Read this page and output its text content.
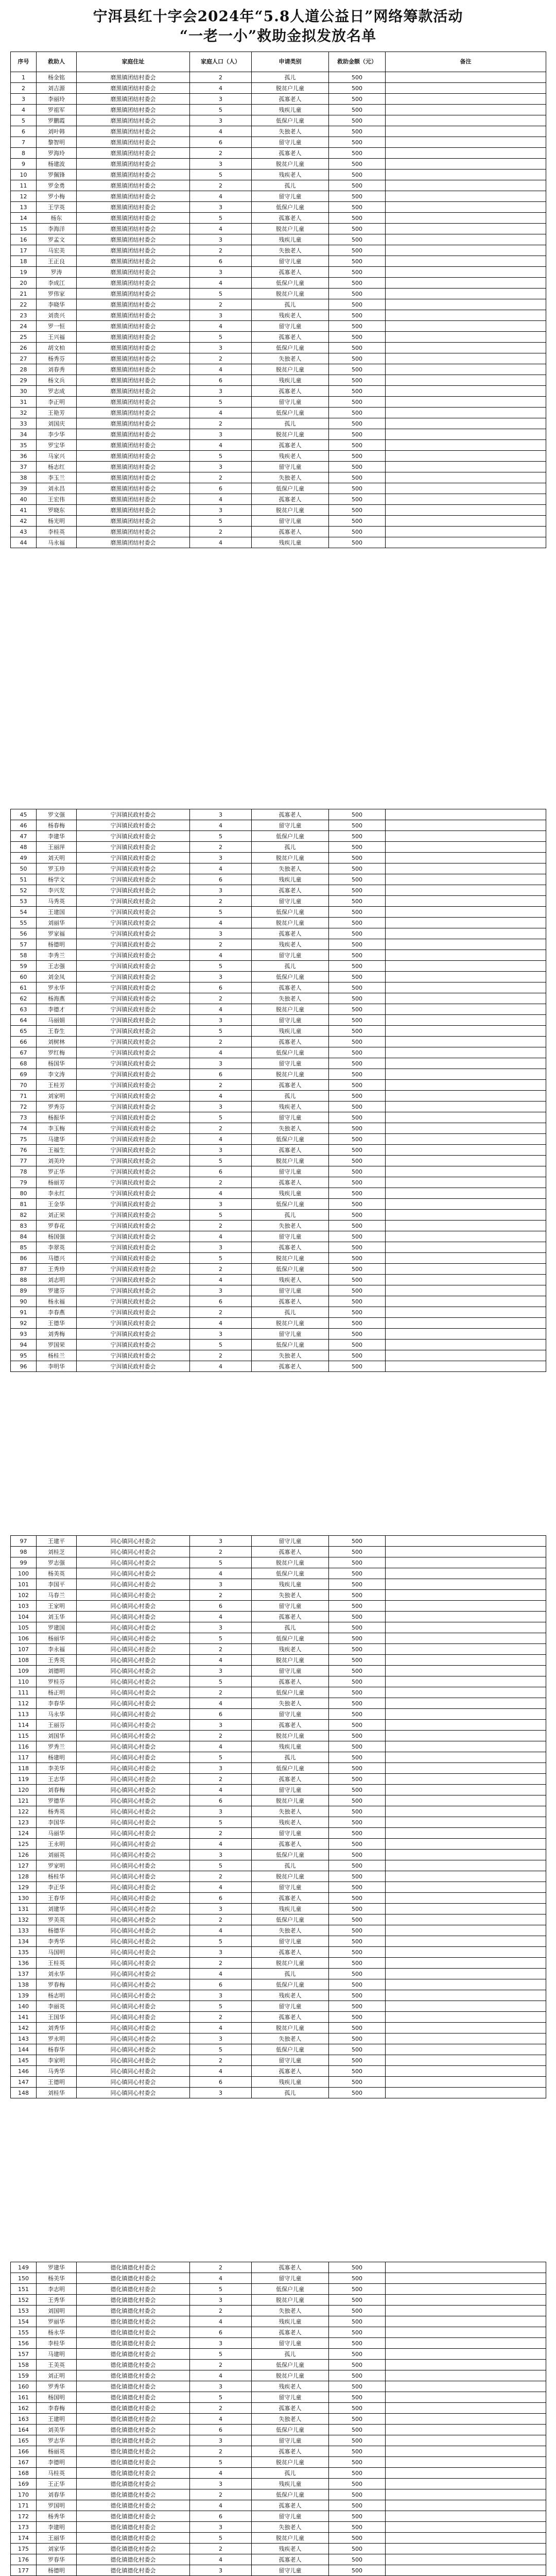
宁洱县红十字会2024年“5.8人道公益日”网络筹款活动
“一老一小”救助金拟发放名单
序号	救助人	家庭住址	家庭人口（人）	申请类别	救助金额（元）	备注
1	杨金铭	磨黑镇团结村委会	2	孤儿	500	
2	刘吉源	磨黑镇团结村委会	4	脱贫户儿童	500	
3	李丽玲	磨黑镇团结村委会	3	孤寡老人	500	
4	罗祖军	磨黑镇团结村委会	5	残疾儿童	500	
5	罗鹏霞	磨黑镇团结村委会	3	低保户儿童	500	
6	刘叶韩	磨黑镇团结村委会	4	失独老人	500	
7	黎智明	磨黑镇团结村委会	6	留守儿童	500	
8	罗海玲	磨黑镇团结村委会	2	孤寡老人	500	
9	杨建波	磨黑镇团结村委会	3	脱贫户儿童	500	
10	罗佩锋	磨黑镇团结村委会	5	残疾老人	500	
11	罗金勇	磨黑镇团结村委会	2	孤儿	500	
12	罗小梅	磨黑镇团结村委会	4	留守儿童	500	
13	王学英	磨黑镇团结村委会	3	低保户儿童	500	
14	杨东	磨黑镇团结村委会	5	孤寡老人	500	
15	李海洋	磨黑镇团结村委会	4	脱贫户儿童	500	
16	罗孟文	磨黑镇团结村委会	3	残疾儿童	500	
17	马宏美	磨黑镇团结村委会	2	失独老人	500	
18	王正良	磨黑镇团结村委会	6	留守儿童	500	
19	罗涛	磨黑镇团结村委会	3	孤寡老人	500	
20	李成江	磨黑镇团结村委会	4	低保户儿童	500	
21	罗伟家	磨黑镇团结村委会	5	脱贫户儿童	500	
22	李晓华	磨黑镇团结村委会	2	孤儿	500	
23	刘贵兴	磨黑镇团结村委会	3	残疾老人	500	
24	罗一恒	磨黑镇团结村委会	4	留守儿童	500	
25	王兴福	磨黑镇团结村委会	5	孤寡老人	500	
26	胡文柏	磨黑镇团结村委会	3	低保户儿童	500	
27	杨秀芬	磨黑镇团结村委会	2	失独老人	500	
28	刘春秀	磨黑镇团结村委会	4	脱贫户儿童	500	
29	杨文兵	磨黑镇团结村委会	6	残疾儿童	500	
30	罗志成	磨黑镇团结村委会	3	孤寡老人	500	
31	李正明	磨黑镇团结村委会	5	留守儿童	500	
32	王艳芳	磨黑镇团结村委会	4	低保户儿童	500	
33	刘国庆	磨黑镇团结村委会	2	孤儿	500	
34	李少华	磨黑镇团结村委会	3	脱贫户儿童	500	
35	罗宝华	磨黑镇团结村委会	4	孤寡老人	500	
36	马家兴	磨黑镇团结村委会	5	残疾老人	500	
37	杨志红	磨黑镇团结村委会	3	留守儿童	500	
38	李玉兰	磨黑镇团结村委会	2	失独老人	500	
39	刘永昌	磨黑镇团结村委会	6	低保户儿童	500	
40	王宏伟	磨黑镇团结村委会	4	孤寡老人	500	
41	罗晓东	磨黑镇团结村委会	3	脱贫户儿童	500	
42	杨光明	磨黑镇团结村委会	5	留守儿童	500	
43	李桂英	磨黑镇团结村委会	2	孤寡老人	500	
44	马永福	磨黑镇团结村委会	4	残疾儿童	500	
45	罗文强	宁洱镇民政村委会	3	孤寡老人	500	
46	杨春梅	宁洱镇民政村委会	4	留守儿童	500	
47	李建华	宁洱镇民政村委会	5	低保户儿童	500	
48	王丽萍	宁洱镇民政村委会	2	孤儿	500	
49	刘天明	宁洱镇民政村委会	3	脱贫户儿童	500	
50	罗玉珍	宁洱镇民政村委会	4	失独老人	500	
51	杨学文	宁洱镇民政村委会	6	残疾儿童	500	
52	李兴发	宁洱镇民政村委会	3	孤寡老人	500	
53	马秀英	宁洱镇民政村委会	2	留守儿童	500	
54	王建国	宁洱镇民政村委会	5	低保户儿童	500	
55	刘丽华	宁洱镇民政村委会	4	脱贫户儿童	500	
56	罗家福	宁洱镇民政村委会	3	孤寡老人	500	
57	杨德明	宁洱镇民政村委会	2	残疾老人	500	
58	李秀兰	宁洱镇民政村委会	4	留守儿童	500	
59	王志强	宁洱镇民政村委会	5	孤儿	500	
60	刘金凤	宁洱镇民政村委会	3	低保户儿童	500	
61	罗永华	宁洱镇民政村委会	6	孤寡老人	500	
62	杨海燕	宁洱镇民政村委会	2	失独老人	500	
63	李德才	宁洱镇民政村委会	4	脱贫户儿童	500	
64	马丽娟	宁洱镇民政村委会	3	留守儿童	500	
65	王春生	宁洱镇民政村委会	5	残疾儿童	500	
66	刘树林	宁洱镇民政村委会	2	孤寡老人	500	
67	罗红梅	宁洱镇民政村委会	4	低保户儿童	500	
68	杨国华	宁洱镇民政村委会	3	留守儿童	500	
69	李文涛	宁洱镇民政村委会	6	脱贫户儿童	500	
70	王桂芳	宁洱镇民政村委会	2	孤寡老人	500	
71	刘家明	宁洱镇民政村委会	4	孤儿	500	
72	罗秀芬	宁洱镇民政村委会	3	残疾老人	500	
73	杨振华	宁洱镇民政村委会	5	留守儿童	500	
74	李玉梅	宁洱镇民政村委会	2	失独老人	500	
75	马建华	宁洱镇民政村委会	4	低保户儿童	500	
76	王福生	宁洱镇民政村委会	3	孤寡老人	500	
77	刘美玲	宁洱镇民政村委会	5	脱贫户儿童	500	
78	罗正华	宁洱镇民政村委会	6	留守儿童	500	
79	杨丽芳	宁洱镇民政村委会	2	孤寡老人	500	
80	李永红	宁洱镇民政村委会	4	残疾儿童	500	
81	王金华	宁洱镇民政村委会	3	低保户儿童	500	
82	刘正荣	宁洱镇民政村委会	5	孤儿	500	
83	罗春花	宁洱镇民政村委会	2	失独老人	500	
84	杨国强	宁洱镇民政村委会	4	留守儿童	500	
85	李翠英	宁洱镇民政村委会	3	孤寡老人	500	
86	马德兴	宁洱镇民政村委会	5	脱贫户儿童	500	
87	王秀珍	宁洱镇民政村委会	2	低保户儿童	500	
88	刘志明	宁洱镇民政村委会	4	残疾老人	500	
89	罗建芬	宁洱镇民政村委会	3	留守儿童	500	
90	杨永福	宁洱镇民政村委会	6	孤寡老人	500	
91	李春燕	宁洱镇民政村委会	2	孤儿	500	
92	王德华	宁洱镇民政村委会	4	脱贫户儿童	500	
93	刘秀梅	宁洱镇民政村委会	3	留守儿童	500	
94	罗国荣	宁洱镇民政村委会	5	低保户儿童	500	
95	杨桂兰	宁洱镇民政村委会	2	失独老人	500	
96	李明华	宁洱镇民政村委会	4	孤寡老人	500	
97	王建平	同心镇同心村委会	3	留守儿童	500	
98	刘桂芝	同心镇同心村委会	2	孤寡老人	500	
99	罗志强	同心镇同心村委会	5	脱贫户儿童	500	
100	杨美英	同心镇同心村委会	4	低保户儿童	500	
101	李国平	同心镇同心村委会	3	残疾儿童	500	
102	马春兰	同心镇同心村委会	2	失独老人	500	
103	王家明	同心镇同心村委会	6	留守儿童	500	
104	刘玉华	同心镇同心村委会	4	孤寡老人	500	
105	罗建国	同心镇同心村委会	3	孤儿	500	
106	杨丽华	同心镇同心村委会	5	低保户儿童	500	
107	李永福	同心镇同心村委会	2	残疾老人	500	
108	王秀英	同心镇同心村委会	4	脱贫户儿童	500	
109	刘德明	同心镇同心村委会	3	留守儿童	500	
110	罗桂芬	同心镇同心村委会	5	孤寡老人	500	
111	杨正明	同心镇同心村委会	2	低保户儿童	500	
112	李春华	同心镇同心村委会	4	失独老人	500	
113	马永华	同心镇同心村委会	6	留守儿童	500	
114	王丽芬	同心镇同心村委会	3	孤寡老人	500	
115	刘国华	同心镇同心村委会	2	脱贫户儿童	500	
116	罗秀兰	同心镇同心村委会	4	残疾儿童	500	
117	杨建明	同心镇同心村委会	5	孤儿	500	
118	李美华	同心镇同心村委会	3	低保户儿童	500	
119	王志华	同心镇同心村委会	2	孤寡老人	500	
120	刘春梅	同心镇同心村委会	4	留守儿童	500	
121	罗德华	同心镇同心村委会	6	脱贫户儿童	500	
122	杨秀英	同心镇同心村委会	3	失独老人	500	
123	李国华	同心镇同心村委会	5	残疾老人	500	
124	马丽华	同心镇同心村委会	2	留守儿童	500	
125	王永明	同心镇同心村委会	4	孤寡老人	500	
126	刘丽英	同心镇同心村委会	3	低保户儿童	500	
127	罗家明	同心镇同心村委会	5	孤儿	500	
128	杨桂华	同心镇同心村委会	2	脱贫户儿童	500	
129	李正华	同心镇同心村委会	4	留守儿童	500	
130	王春华	同心镇同心村委会	6	孤寡老人	500	
131	刘建华	同心镇同心村委会	3	残疾儿童	500	
132	罗美英	同心镇同心村委会	2	低保户儿童	500	
133	杨德华	同心镇同心村委会	4	失独老人	500	
134	李秀华	同心镇同心村委会	5	留守儿童	500	
135	马国明	同心镇同心村委会	3	孤寡老人	500	
136	王桂英	同心镇同心村委会	2	脱贫户儿童	500	
137	刘永华	同心镇同心村委会	4	孤儿	500	
138	罗春梅	同心镇同心村委会	6	低保户儿童	500	
139	杨志明	同心镇同心村委会	3	残疾老人	500	
140	李丽英	同心镇同心村委会	5	留守儿童	500	
141	王国华	同心镇同心村委会	2	孤寡老人	500	
142	刘秀华	同心镇同心村委会	4	脱贫户儿童	500	
143	罗永明	同心镇同心村委会	3	失独老人	500	
144	杨春华	同心镇同心村委会	5	低保户儿童	500	
145	李家明	同心镇同心村委会	2	留守儿童	500	
146	马秀华	同心镇同心村委会	4	孤寡老人	500	
147	王德明	同心镇同心村委会	6	残疾儿童	500	
148	刘桂华	同心镇同心村委会	3	孤儿	500	
149	罗建华	德化镇德化村委会	2	孤寡老人	500	
150	杨美华	德化镇德化村委会	4	留守儿童	500	
151	李志明	德化镇德化村委会	5	低保户儿童	500	
152	王秀华	德化镇德化村委会	3	脱贫户儿童	500	
153	刘国明	德化镇德化村委会	2	失独老人	500	
154	罗丽华	德化镇德化村委会	4	残疾儿童	500	
155	杨永华	德化镇德化村委会	6	孤寡老人	500	
156	李桂华	德化镇德化村委会	3	留守儿童	500	
157	马建明	德化镇德化村委会	5	孤儿	500	
158	王美英	德化镇德化村委会	2	低保户儿童	500	
159	刘正明	德化镇德化村委会	4	脱贫户儿童	500	
160	罗秀华	德化镇德化村委会	3	残疾老人	500	
161	杨国明	德化镇德化村委会	5	留守儿童	500	
162	李春梅	德化镇德化村委会	2	孤寡老人	500	
163	王建明	德化镇德化村委会	4	失独老人	500	
164	刘美华	德化镇德化村委会	6	低保户儿童	500	
165	罗志华	德化镇德化村委会	3	留守儿童	500	
166	杨丽英	德化镇德化村委会	2	孤寡老人	500	
167	李德明	德化镇德化村委会	5	脱贫户儿童	500	
168	马桂英	德化镇德化村委会	4	孤儿	500	
169	王正华	德化镇德化村委会	3	残疾儿童	500	
170	刘春华	德化镇德化村委会	2	低保户儿童	500	
171	罗国明	德化镇德化村委会	4	孤寡老人	500	
172	杨秀华	德化镇德化村委会	6	留守儿童	500	
173	李建明	德化镇德化村委会	3	失独老人	500	
174	王丽华	德化镇德化村委会	5	脱贫户儿童	500	
175	刘家华	德化镇德化村委会	2	残疾老人	500	
176	罗春华	德化镇德化村委会	4	孤寡老人	500	
177	杨德明	德化镇德化村委会	3	留守儿童	500	
